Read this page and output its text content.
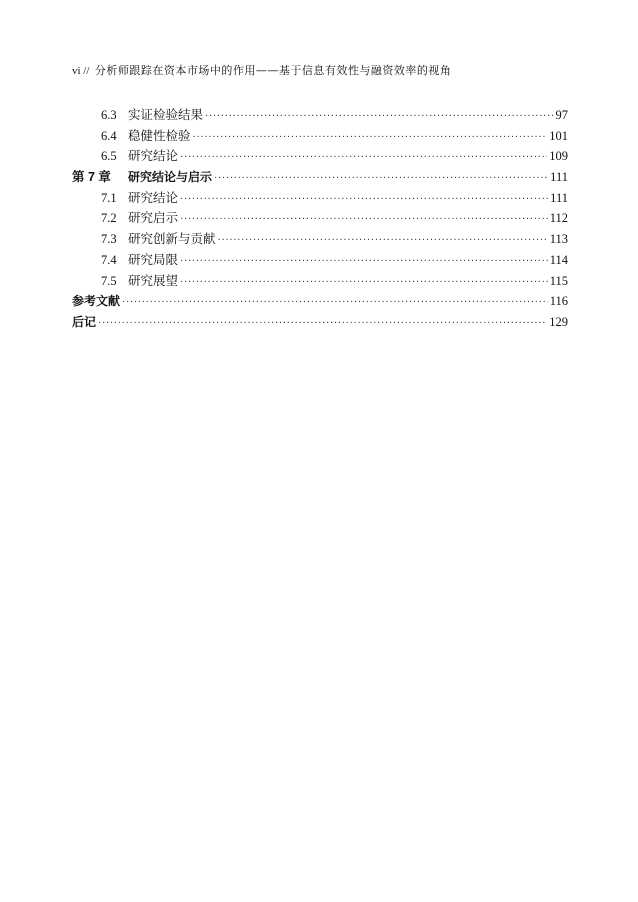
vi // 分析师跟踪在资本市场中的作用——基于信息有效性与融资效率的视角
6.3 实证检验结果 ·····	97
6.4 稳健性检验 ·····	101
6.5 研究结论 ·····	109
第 7 章	研究结论与启示 ·····	111
7.1 研究结论 ·····	111
7.2 研究启示 ·····	112
7.3 研究创新与贡献 ·····	113
7.4 研究局限 ·····	114
7.5 研究展望 ·····	115
参考文献 ·····	116
后记 ·····	129
